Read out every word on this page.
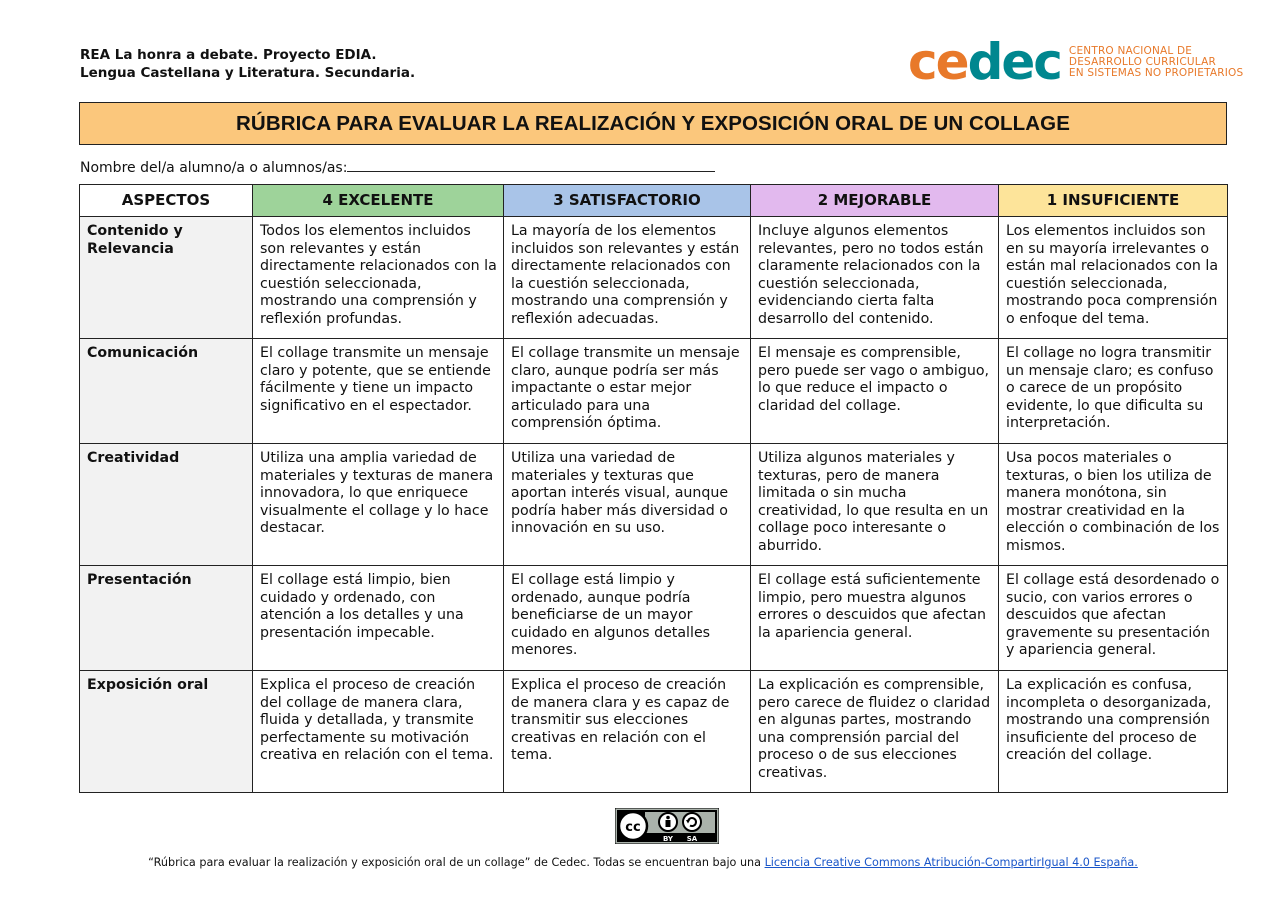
REA La honra a debate. Proyecto EDIA.
Lengua Castellana y Literatura. Secundaria.	cedec CENTRO NACIONAL DE
DESARROLLO CURRICULAR
EN SISTEMAS NO PROPIETARIOS
RÚBRICA PARA EVALUAR LA REALIZACIÓN Y EXPOSICIÓN ORAL DE UN COLLAGE
Nombre del/a alumno/a o alumnos/as:
ASPECTOS	4 EXCELENTE	3 SATISFACTORIO	2 MEJORABLE	1 INSUFICIENTE
Contenido y Relevancia	Todos los elementos incluidos son relevantes y están directamente relacionados con la cuestión seleccionada, mostrando una comprensión y reflexión profundas.	La mayoría de los elementos incluidos son relevantes y están directamente relacionados con la cuestión seleccionada, mostrando una comprensión y reflexión adecuadas.	Incluye algunos elementos relevantes, pero no todos están claramente relacionados con la cuestión seleccionada, evidenciando cierta falta desarrollo del contenido.	Los elementos incluidos son en su mayoría irrelevantes o están mal relacionados con la cuestión seleccionada, mostrando poca comprensión o enfoque del tema.
Comunicación	El collage transmite un mensaje claro y potente, que se entiende fácilmente y tiene un impacto significativo en el espectador.	El collage transmite un mensaje claro, aunque podría ser más impactante o estar mejor articulado para una comprensión óptima.	El mensaje es comprensible, pero puede ser vago o ambiguo, lo que reduce el impacto o claridad del collage.	El collage no logra transmitir un mensaje claro; es confuso o carece de un propósito evidente, lo que dificulta su interpretación.
Creatividad	Utiliza una amplia variedad de materiales y texturas de manera innovadora, lo que enriquece visualmente el collage y lo hace destacar.	Utiliza una variedad de materiales y texturas que aportan interés visual, aunque podría haber más diversidad o innovación en su uso.	Utiliza algunos materiales y texturas, pero de manera limitada o sin mucha creatividad, lo que resulta en un collage poco interesante o aburrido.	Usa pocos materiales o texturas, o bien los utiliza de manera monótona, sin mostrar creatividad en la elección o combinación de los mismos.
Presentación	El collage está limpio, bien cuidado y ordenado, con atención a los detalles y una presentación impecable.	El collage está limpio y ordenado, aunque podría beneficiarse de un mayor cuidado en algunos detalles menores.	El collage está suficientemente limpio, pero muestra algunos errores o descuidos que afectan la apariencia general.	El collage está desordenado o sucio, con varios errores o descuidos que afectan gravemente su presentación y apariencia general.
Exposición oral	Explica el proceso de creación del collage de manera clara, fluida y detallada, y transmite perfectamente su motivación creativa en relación con el tema.	Explica el proceso de creación de manera clara y es capaz de transmitir sus elecciones creativas en relación con el tema.	La explicación es comprensible, pero carece de fluidez o claridad en algunas partes, mostrando una comprensión parcial del proceso o de sus elecciones creativas.	La explicación es confusa, incompleta o desorganizada, mostrando una comprensión insuficiente del proceso de creación del collage.
cc
BY SA
“Rúbrica para evaluar la realización y exposición oral de un collage” de Cedec. Todas se encuentran bajo una Licencia Creative Commons Atribución-CompartirIgual 4.0 España.
